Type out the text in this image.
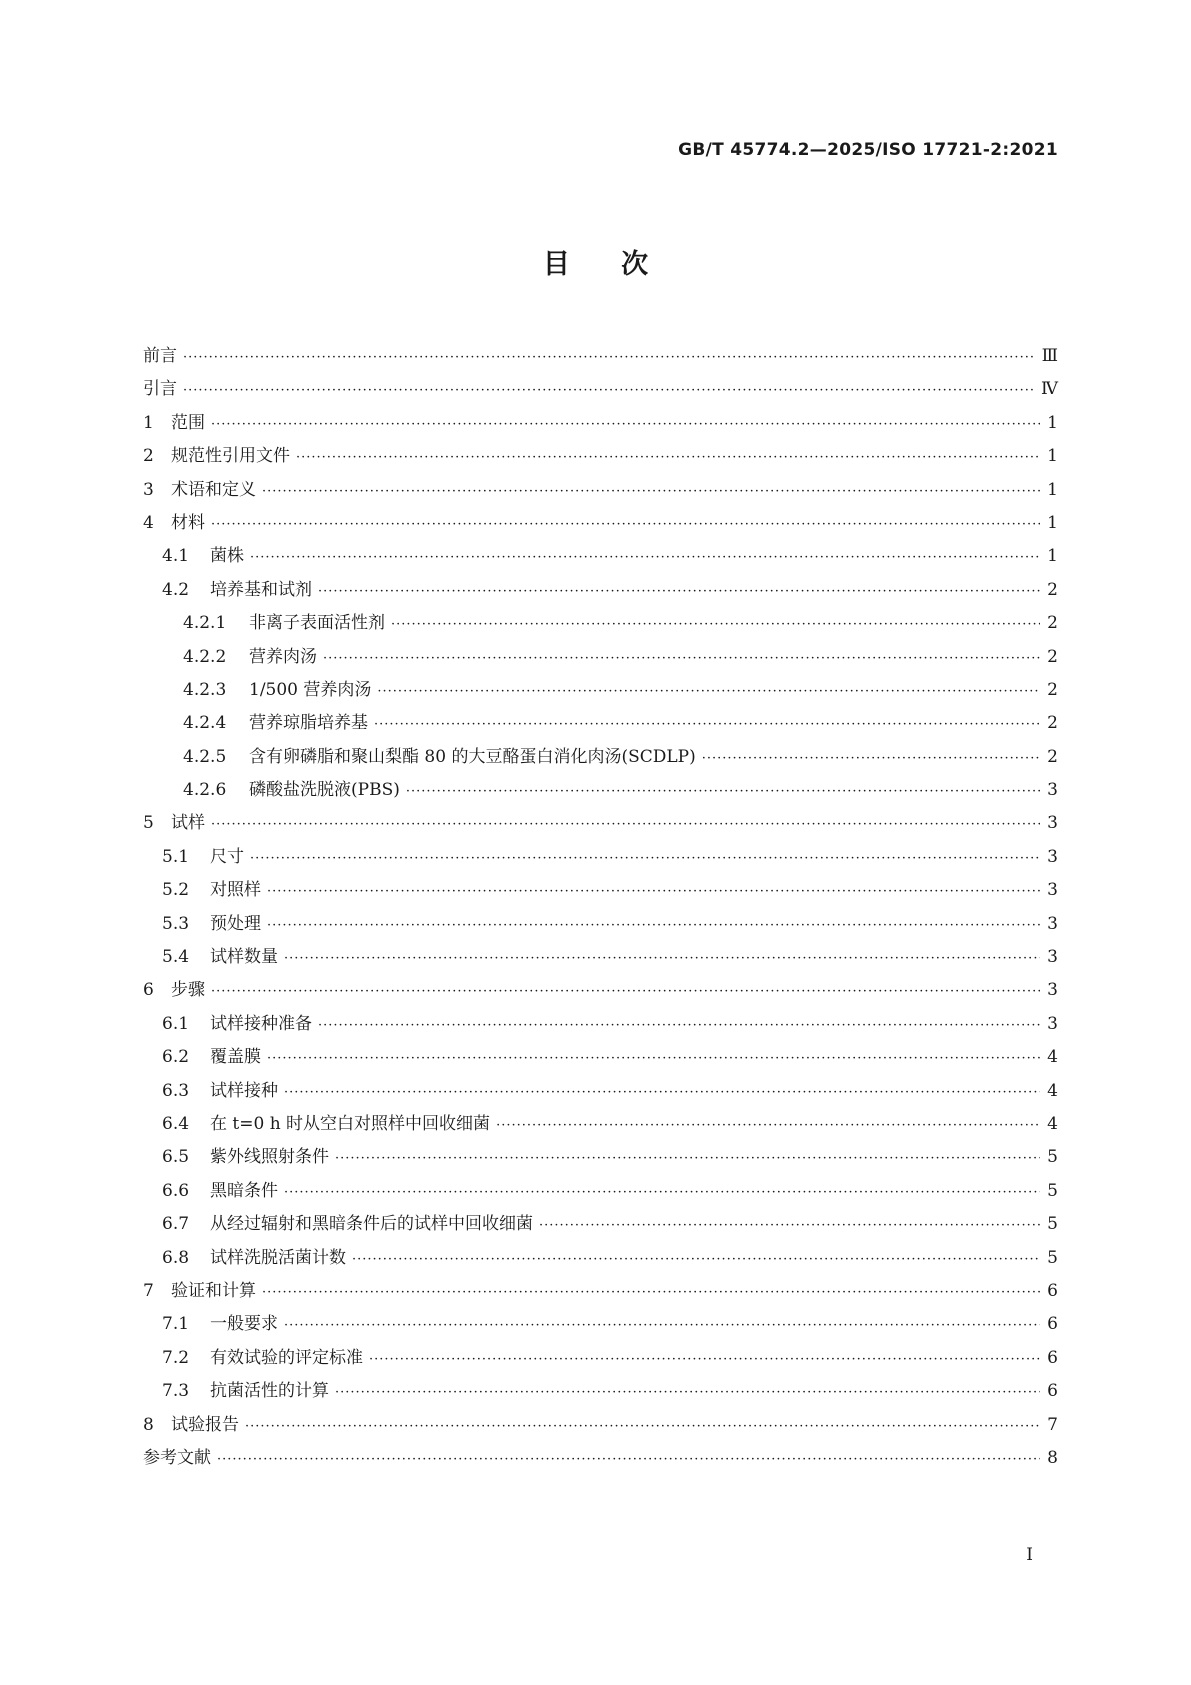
GB/T 45774.2—2025/ISO 17721-2:2021
目 次
前言 ·····	Ⅲ
引言 ·····	Ⅳ
1 范围 ·····	1
2 规范性引用文件 ·····	1
3 术语和定义 ·····	1
4 材料 ·····	1
4.1	菌株 ·····	1
4.2	培养基和试剂 ·····	2
4.2.1	非离子表面活性剂 ·····	2
4.2.2	营养肉汤 ·····	2
4.2.3	1/500 营养肉汤 ·····	2
4.2.4	营养琼脂培养基 ·····	2
4.2.5	含有卵磷脂和聚山梨酯 80 的大豆酪蛋白消化肉汤(SCDLP) ·····	2
4.2.6	磷酸盐洗脱液(PBS) ·····	3
5 试样 ·····	3
5.1	尺寸 ·····	3
5.2	对照样 ·····	3
5.3	预处理 ·····	3
5.4	试样数量 ·····	3
6 步骤 ·····	3
6.1	试样接种准备 ·····	3
6.2	覆盖膜 ·····	4
6.3	试样接种 ·····	4
6.4	在 t=0 h 时从空白对照样中回收细菌 ·····	4
6.5	紫外线照射条件 ·····	5
6.6	黑暗条件 ·····	5
6.7	从经过辐射和黑暗条件后的试样中回收细菌 ·····	5
6.8	试样洗脱活菌计数 ·····	5
7 验证和计算 ·····	6
7.1	一般要求 ·····	6
7.2	有效试验的评定标准 ·····	6
7.3	抗菌活性的计算 ·····	6
8 试验报告 ·····	7
参考文献 ·····	8
Ⅰ
